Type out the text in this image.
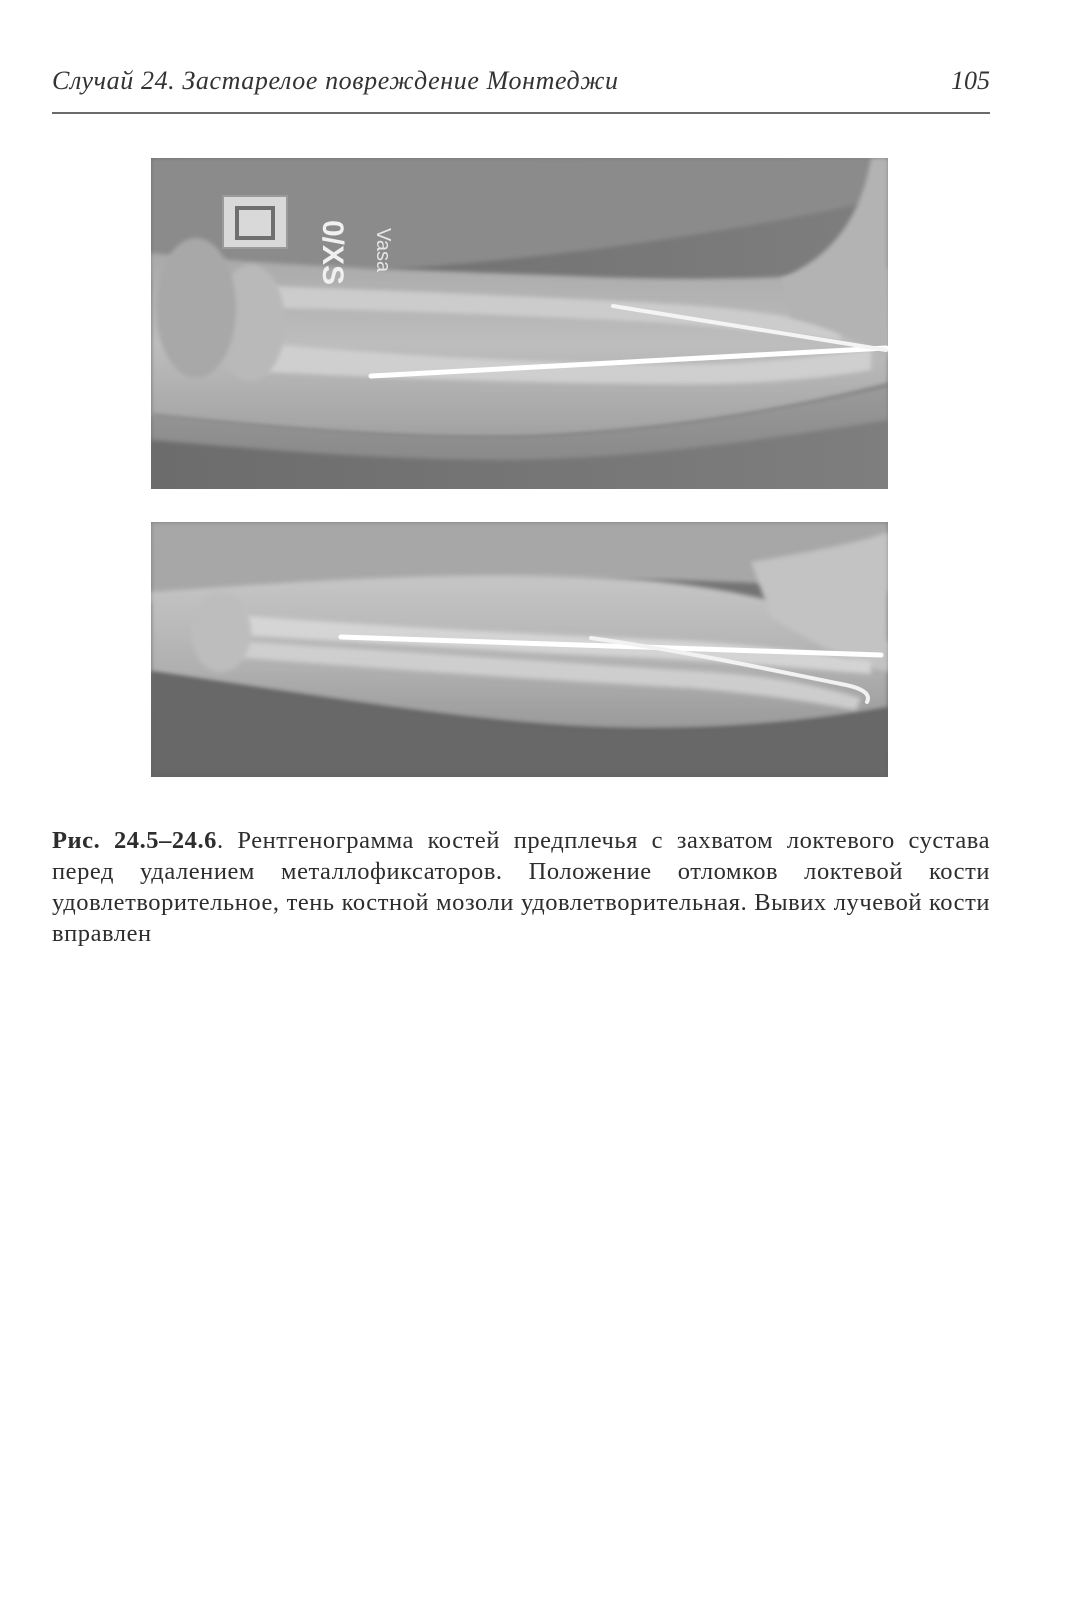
Случай 24. Застарелое повреждение Монтеджи	105
0/XS Vasa

Рис. 24.5–24.6. Рентгенограмма костей предплечья с захватом локтевого сустава перед удалением металлофиксаторов. Положение отломков локтевой кости удовлетворительное, тень костной мозоли удовлетворительная. Вывих лучевой кости вправлен
